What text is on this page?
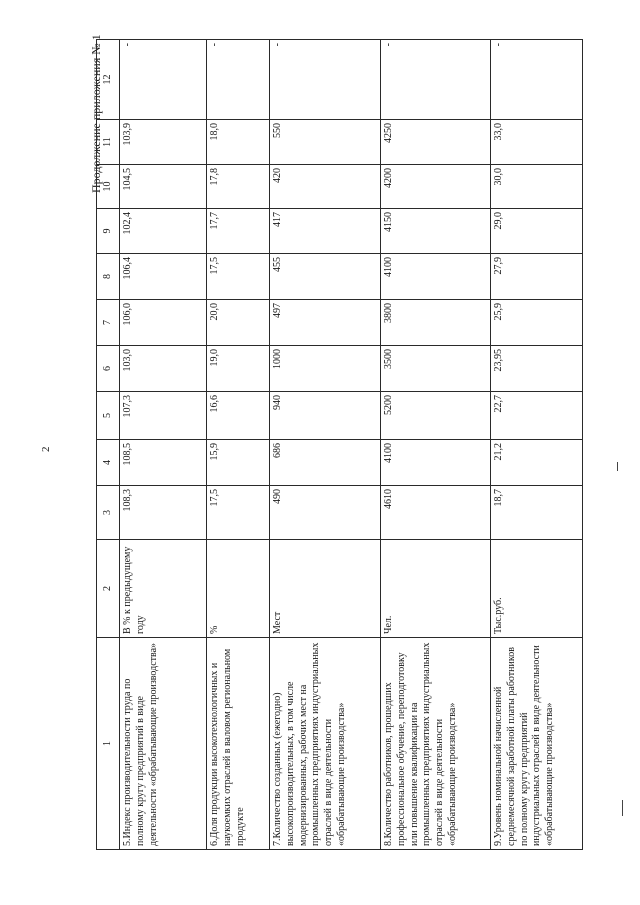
2
Продолжение приложения № 1
1	2	3	4	5	6	7	8	9	10	11	12
5.Индекс производительности труда по полному кругу предприятий в виде деятельности «обрабатывающие производства»	В % к предыдущему году	108,3	108,5	107,3	103,0	106,0	106,4	102,4	104,5	103,9	-
6.Доля продукции высокотехнологичных и наукоемких отраслей в валовом региональном продукте	%	17,5	15,9	16,6	19,0	20,0	17,5	17,7	17,8	18,0	-
7.Количество созданных (ежегодно) высокопроизводительных, в том числе модернизированных, рабочих мест на промышленных предприятиях индустриальных отраслей в виде деятельности «обрабатывающие производства»	Мест	490	686	940	1000	497	455	417	420	550	-
8.Количество работников, прошедших профессиональное обучение, переподготовку или повышение квалификации на промышленных предприятиях индустриальных отраслей в виде деятельности «обрабатывающие производства»	Чел.	4610	4100	5200	3500	3800	4100	4150	4200	4250	-
9.Уровень номинальной начисленной среднемесячной заработной платы работников по полному кругу предприятий индустриальных отраслей в виде деятельности «обрабатывающие производства»	Тыс.руб.	18,7	21,2	22,7	23,95	25,9	27,9	29,0	30,0	33,0	-
